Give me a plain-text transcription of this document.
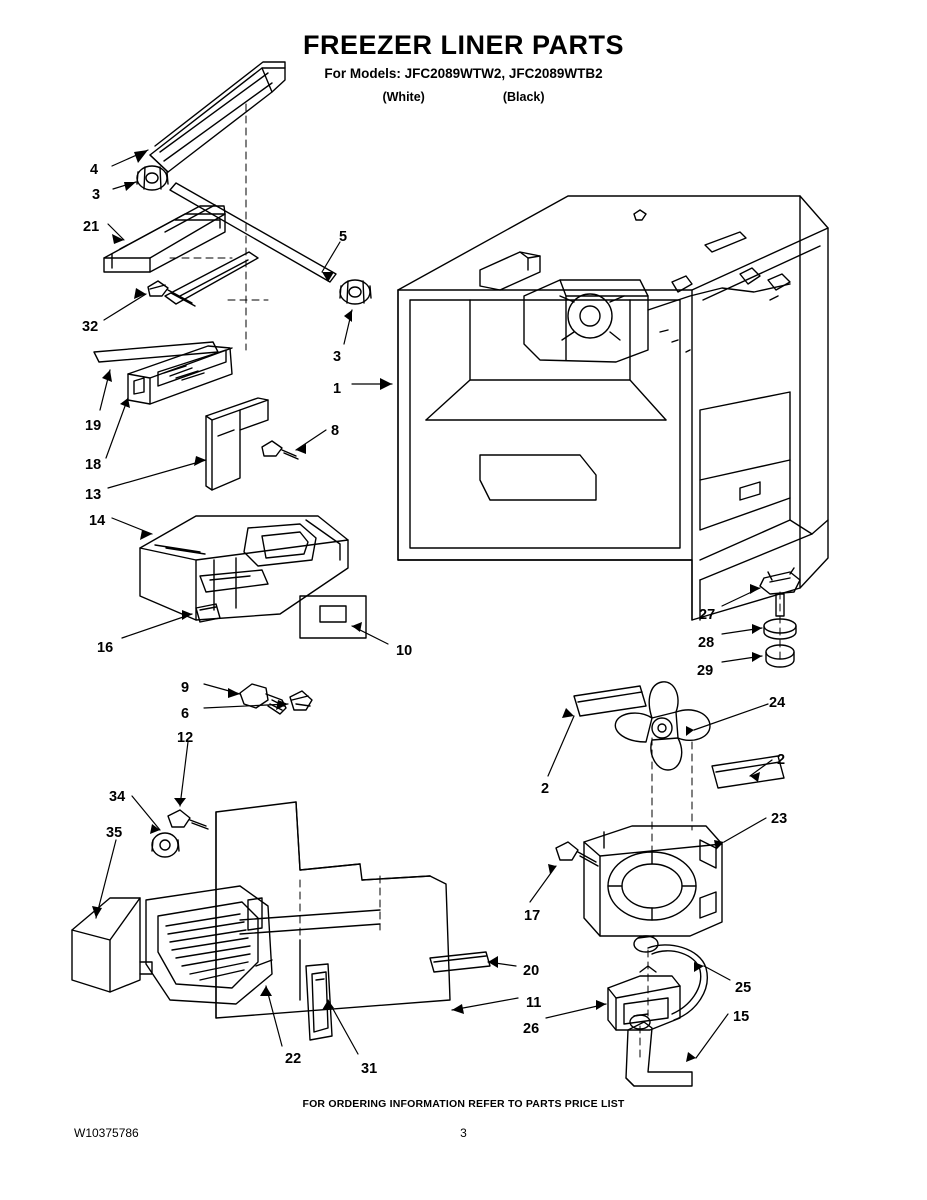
FREEZER LINER PARTS
For Models: JFC2089WTW2, JFC2089WTB2
(White)	(Black)
4
3
21
32
5
3
1
19
18
13
8
14
16	10
9
6
12
34
35
22
31
20
11
26
2
2
24
23
17
25
15
27
28
29
FOR ORDERING INFORMATION REFER TO PARTS PRICE LIST
W10375786	3
